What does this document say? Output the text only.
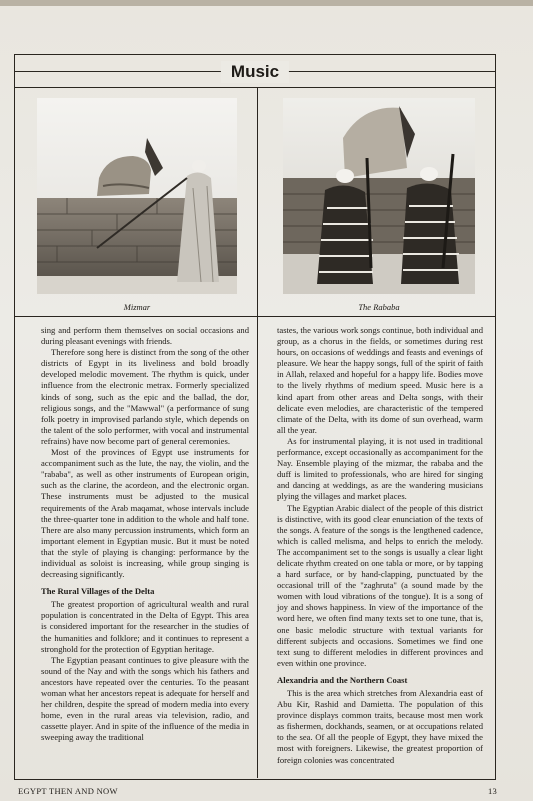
Music
Mizmar	The Rababa

sing and perform them themselves on social occasions and during pleasant evenings with friends.

Therefore song here is distinct from the song of the other districts of Egypt in its liveliness and bold broadly developed melodic movement. The rhythm is quick, under influence from the electronic metrax. Formerly specialized kinds of song, such as the epic and the ballad, the dor, religious songs, and the "Mawwal" (a performance of sung folk poetry in improvised parlando style, which depends on the talent of the solo performer, with vocal and instrumental refrains) have now become part of general ceremonies.

Most of the provinces of Egypt use instruments for accompaniment such as the lute, the nay, the violin, and the "rababa", as well as other instruments of European origin, such as the clarine, the acordeon, and the electronic organ. These instruments must be adjusted to the musical requirements of the Arab maqamat, whose intervals include the three-quarter tone in addition to the whole and half tone. There are also many percussion instruments, which form an important element in Egyptian music. But it must be noted that the style of playing is changing: performance by the individual as soloist is increasing, while group singing is decreasing significantly.

The Rural Villages of the Delta

The greatest proportion of agricultural wealth and rural population is concentrated in the Delta of Egypt. This area is considered important for the researcher in the studies of the humanities and folklore; and it continues to represent a stronghold for the protection of Egyptian heritage.

The Egyptian peasant continues to give pleasure with the sound of the Nay and with the songs which his fathers and ancestors have repeated over the centuries. To the peasant woman what her ancestors repeat is adequate for herself and her children, despite the spread of modern media into every home, even in the rural areas via television, radio, and cassette player. And in spite of the influence of the media in sweeping away the traditional

tastes, the various work songs continue, both individual and group, as a chorus in the fields, or sometimes during rest hours, on occasions of weddings and feasts and evenings of pleasure. We hear the happy songs, full of the spirit of faith in Allah, relaxed and hopeful for a happy life. Bodies move to the lively rhythms of medium speed. Music here is a kind apart from other areas and Delta songs, with their delicate even melodies, are characteristic of the tempered climate of the Delta, with its dome of sun overhead, warm all the year.

As for instrumental playing, it is not used in traditional performance, except occasionally as accompaniment for the Nay. Ensemble playing of the mizmar, the rababa and the duff is limited to professionals, who are hired for singing and dancing at weddings, as are the wandering musicians plying the villages and market places.

The Egyptian Arabic dialect of the people of this district is distinctive, with its good clear enunciation of the texts of the songs. A feature of the songs is the lengthened cadence, which is called melisma, and helps to enrich the melody. The accompaniment set to the songs is usually a clear light delicate rhythm created on one tabla or more, or by tapping a hard surface, or by hand-clapping, punctuated by the occasional trill of the "zaghruta" (a sound made by the women with loud vibrations of the tongue). It is a song of joy and shows happiness. In view of the importance of the word here, we often find many texts set to one tune, that is, one basic melodic structure with textual variants for different subjects and occasions. Sometimes we find one text sung to different melodies in different provinces and even within one province.

Alexandria and the Northern Coast

This is the area which stretches from Alexandria east of Abu Kir, Rashid and Damietta. The population of this province displays common traits, because most men work as fishermen, dockhands, seamen, or at occupations related to the sea. Of all the people of Egypt, they have mixed the most with foreigners. Likewise, the greatest proportion of foreign colonies was concentrated

EGYPT THEN AND NOW	13
